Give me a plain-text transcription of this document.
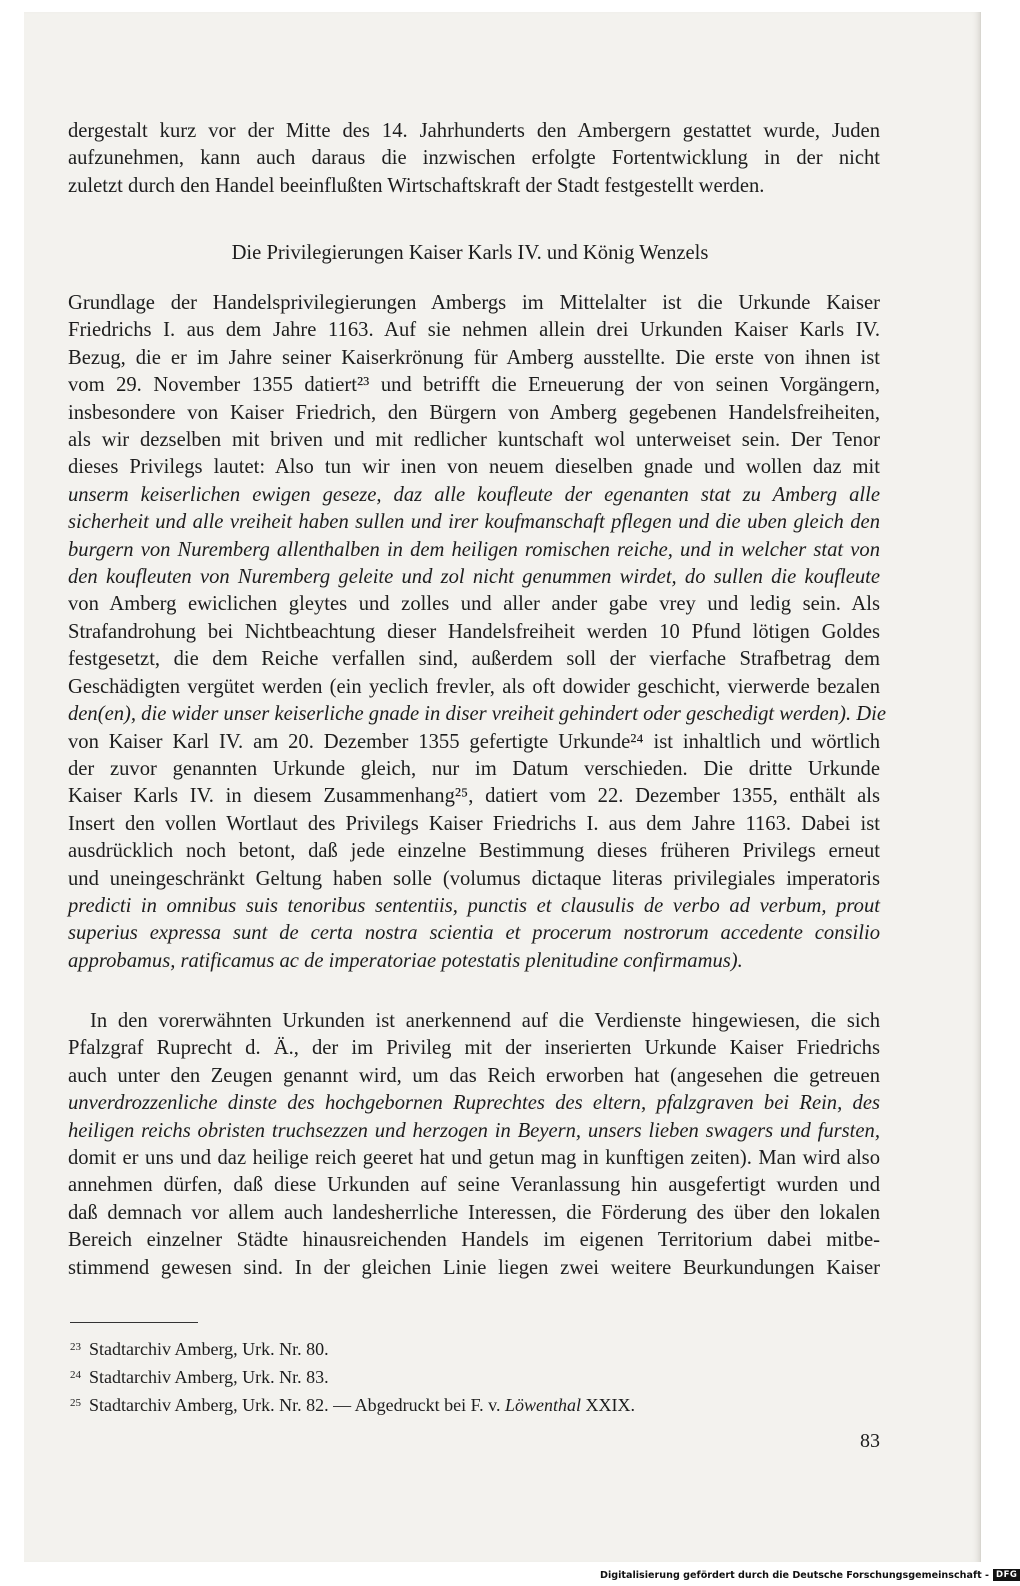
dergestalt kurz vor der Mitte des 14. Jahrhunderts den Ambergern gestattet wurde, Juden
aufzunehmen, kann auch daraus die inzwischen erfolgte Fortentwicklung in der nicht
zuletzt durch den Handel beeinflußten Wirtschaftskraft der Stadt festgestellt werden.
Die Privilegierungen Kaiser Karls IV. und König Wenzels
Grundlage der Handelsprivilegierungen Ambergs im Mittelalter ist die Urkunde Kaiser
Friedrichs I. aus dem Jahre 1163. Auf sie nehmen allein drei Urkunden Kaiser Karls IV.
Bezug, die er im Jahre seiner Kaiserkrönung für Amberg ausstellte. Die erste von ihnen ist
vom 29. November 1355 datiert²³ und betrifft die Erneuerung der von seinen Vorgängern,
insbesondere von Kaiser Friedrich, den Bürgern von Amberg gegebenen Handelsfreiheiten,
als wir dezselben mit briven und mit redlicher kuntschaft wol unterweiset sein. Der Tenor
dieses Privilegs lautet: Also tun wir inen von neuem dieselben gnade und wollen daz mit
unserm keiserlichen ewigen geseze, daz alle koufleute der egenanten stat zu Amberg alle
sicherheit und alle vreiheit haben sullen und irer koufmanschaft pflegen und die uben gleich den
burgern von Nuremberg allenthalben in dem heiligen romischen reiche, und in welcher stat von
den koufleuten von Nuremberg geleite und zol nicht genummen wirdet, do sullen die koufleute
von Amberg ewiclichen gleytes und zolles und aller ander gabe vrey und ledig sein. Als
Strafandrohung bei Nichtbeachtung dieser Handelsfreiheit werden 10 Pfund lötigen Goldes
festgesetzt, die dem Reiche verfallen sind, außerdem soll der vierfache Strafbetrag dem
Geschädigten vergütet werden (ein yeclich frevler, als oft dowider geschicht, vierwerde bezalen
den(en), die wider unser keiserliche gnade in diser vreiheit gehindert oder geschedigt werden). Die
von Kaiser Karl IV. am 20. Dezember 1355 gefertigte Urkunde²⁴ ist inhaltlich und wörtlich
der zuvor genannten Urkunde gleich, nur im Datum verschieden. Die dritte Urkunde
Kaiser Karls IV. in diesem Zusammenhang²⁵, datiert vom 22. Dezember 1355, enthält als
Insert den vollen Wortlaut des Privilegs Kaiser Friedrichs I. aus dem Jahre 1163. Dabei ist
ausdrücklich noch betont, daß jede einzelne Bestimmung dieses früheren Privilegs erneut
und uneingeschränkt Geltung haben solle (volumus dictaque literas privilegiales imperatoris
predicti in omnibus suis tenoribus sententiis, punctis et clausulis de verbo ad verbum, prout
superius expressa sunt de certa nostra scientia et procerum nostrorum accedente consilio
approbamus, ratificamus ac de imperatoriae potestatis plenitudine confirmamus).
In den vorerwähnten Urkunden ist anerkennend auf die Verdienste hingewiesen, die sich
Pfalzgraf Ruprecht d. Ä., der im Privileg mit der inserierten Urkunde Kaiser Friedrichs
auch unter den Zeugen genannt wird, um das Reich erworben hat (angesehen die getreuen
unverdrozzenliche dinste des hochgebornen Ruprechtes des eltern, pfalzgraven bei Rein, des
heiligen reichs obristen truchsezzen und herzogen in Beyern, unsers lieben swagers und fursten,
domit er uns und daz heilige reich geeret hat und getun mag in kunftigen zeiten). Man wird also
annehmen dürfen, daß diese Urkunden auf seine Veranlassung hin ausgefertigt wurden und
daß demnach vor allem auch landesherrliche Interessen, die Förderung des über den lokalen
Bereich einzelner Städte hinausreichenden Handels im eigenen Territorium dabei mitbe-
stimmend gewesen sind. In der gleichen Linie liegen zwei weitere Beurkundungen Kaiser
$^{23}$ Stadtarchiv Amberg, Urk. Nr. 80.
$^{24}$ Stadtarchiv Amberg, Urk. Nr. 83.
$^{25}$ Stadtarchiv Amberg, Urk. Nr. 82. — Abgedruckt bei F. v. Löwenthal XXIX.
83
Digitalisierung gefördert durch die Deutsche Forschungsgemeinschaft - DFG
